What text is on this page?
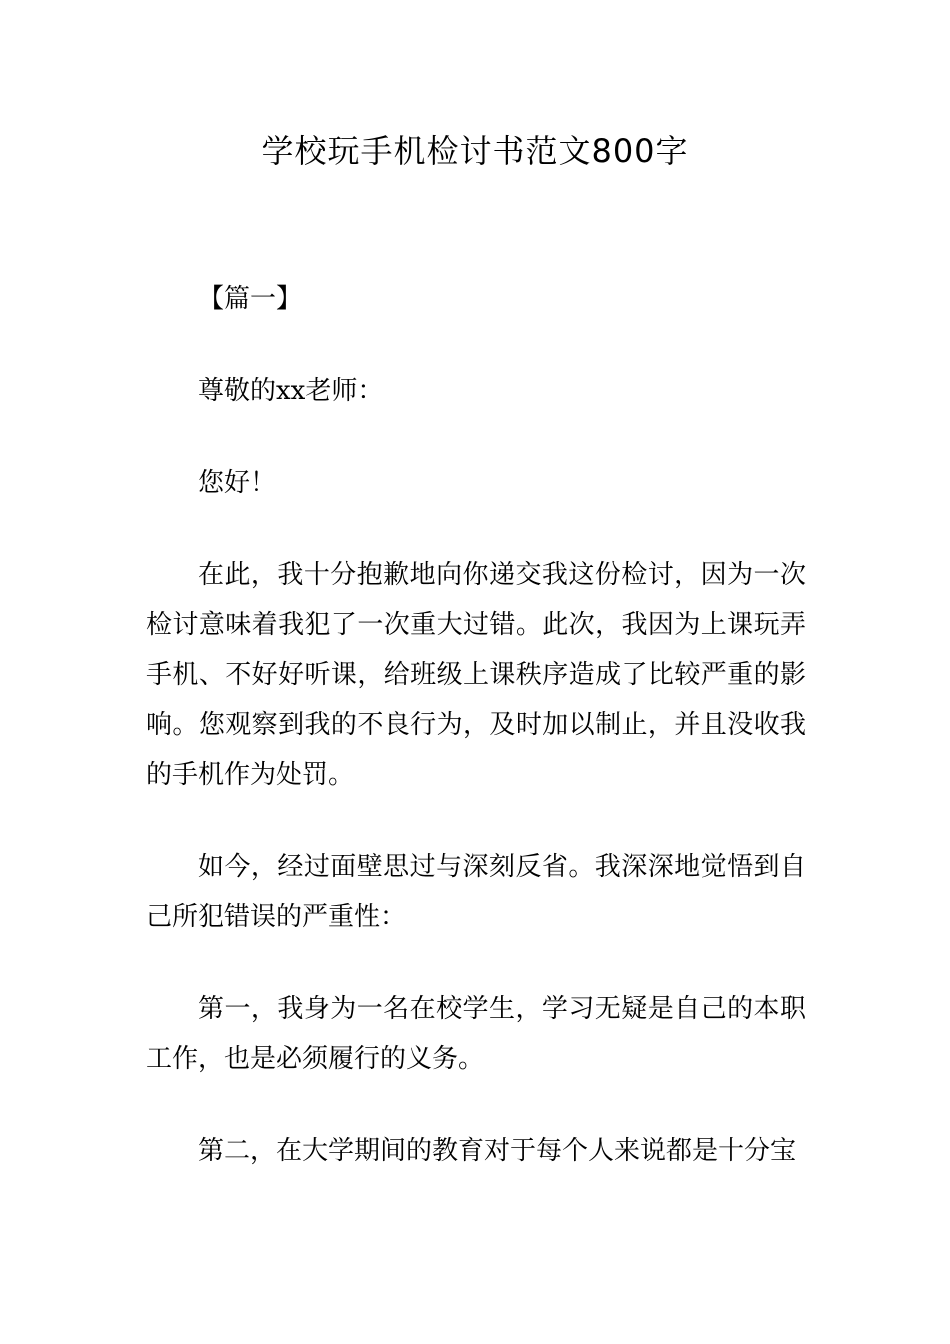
学校玩手机检讨书范文800字

【篇一】

尊敬的xx老师：

您好！

在此，我十分抱歉地向你递交我这份检讨，因为一次检讨意味着我犯了一次重大过错。此次，我因为上课玩弄手机、不好好听课，给班级上课秩序造成了比较严重的影响。您观察到我的不良行为，及时加以制止，并且没收我的手机作为处罚。

如今，经过面壁思过与深刻反省。我深深地觉悟到自己所犯错误的严重性：

第一，我身为一名在校学生，学习无疑是自己的本职工作，也是必须履行的义务。

第二，在大学期间的教育对于每个人来说都是十分宝
